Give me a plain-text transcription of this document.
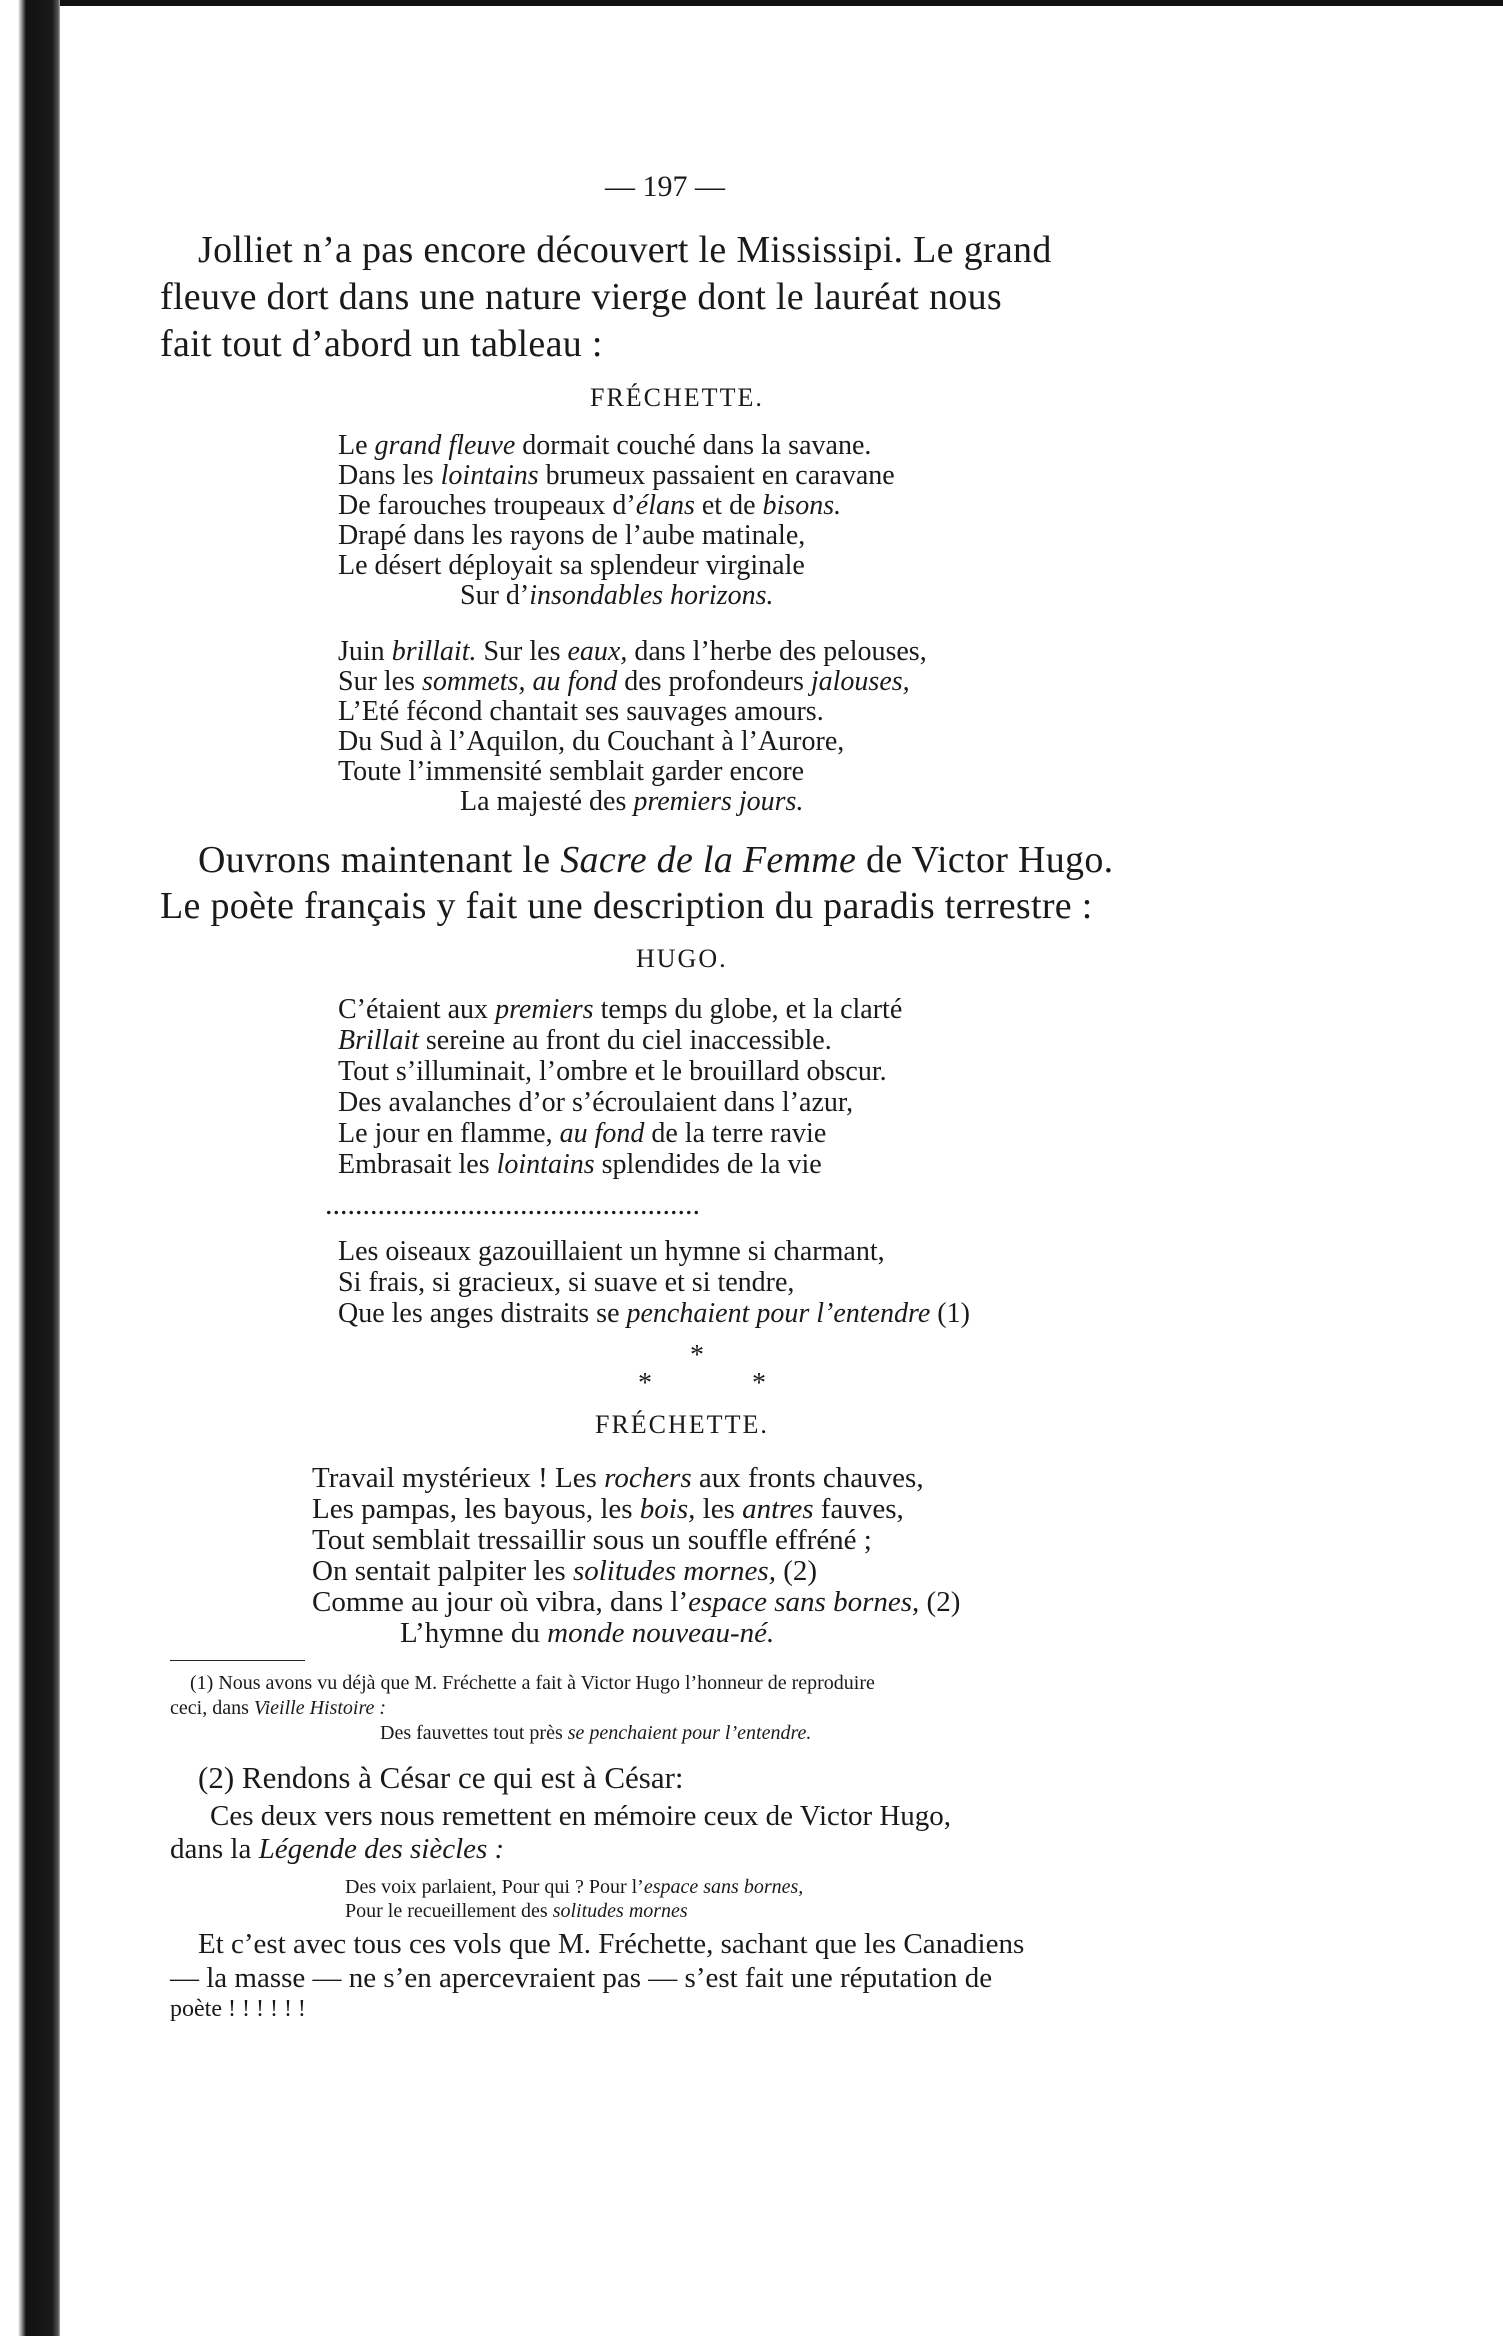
— 197 —
Jolliet n’a pas encore découvert le Mississipi. Le grand
fleuve dort dans une nature vierge dont le lauréat nous
fait tout d’abord un tableau :
FRÉCHETTE.
Le grand fleuve dormait couché dans la savane.
Dans les lointains brumeux passaient en caravane
De farouches troupeaux d’élans et de bisons.
Drapé dans les rayons de l’aube matinale,
Le désert déployait sa splendeur virginale
Sur d’insondables horizons.
Juin brillait. Sur les eaux, dans l’herbe des pelouses,
Sur les sommets, au fond des profondeurs jalouses,
L’Eté fécond chantait ses sauvages amours.
Du Sud à l’Aquilon, du Couchant à l’Aurore,
Toute l’immensité semblait garder encore
La majesté des premiers jours.
Ouvrons maintenant le Sacre de la Femme de Victor Hugo.
Le poète français y fait une description du paradis terrestre :
HUGO.
C’étaient aux premiers temps du globe, et la clarté
Brillait sereine au front du ciel inaccessible.
Tout s’illuminait, l’ombre et le brouillard obscur.
Des avalanches d’or s’écroulaient dans l’azur,
Le jour en flamme, au fond de la terre ravie
Embrasait les lointains splendides de la vie
..................................................
Les oiseaux gazouillaient un hymne si charmant,
Si frais, si gracieux, si suave et si tendre,
Que les anges distraits se penchaient pour l’entendre (1)
*
*	*
FRÉCHETTE.
Travail mystérieux ! Les rochers aux fronts chauves,
Les pampas, les bayous, les bois, les antres fauves,
Tout semblait tressaillir sous un souffle effréné ;
On sentait palpiter les solitudes mornes, (2)
Comme au jour où vibra, dans l’espace sans bornes, (2)
L’hymne du monde nouveau-né.
(1) Nous avons vu déjà que M. Fréchette a fait à Victor Hugo l’honneur de reproduire
ceci, dans Vieille Histoire :
Des fauvettes tout près se penchaient pour l’entendre.
(2) Rendons à César ce qui est à César:
Ces deux vers nous remettent en mémoire ceux de Victor Hugo,
dans la Légende des siècles :
Des voix parlaient, Pour qui ? Pour l’espace sans bornes,
Pour le recueillement des solitudes mornes
Et c’est avec tous ces vols que M. Fréchette, sachant que les Canadiens
— la masse — ne s’en apercevraient pas — s’est fait une réputation de
poète ! ! ! ! ! !
